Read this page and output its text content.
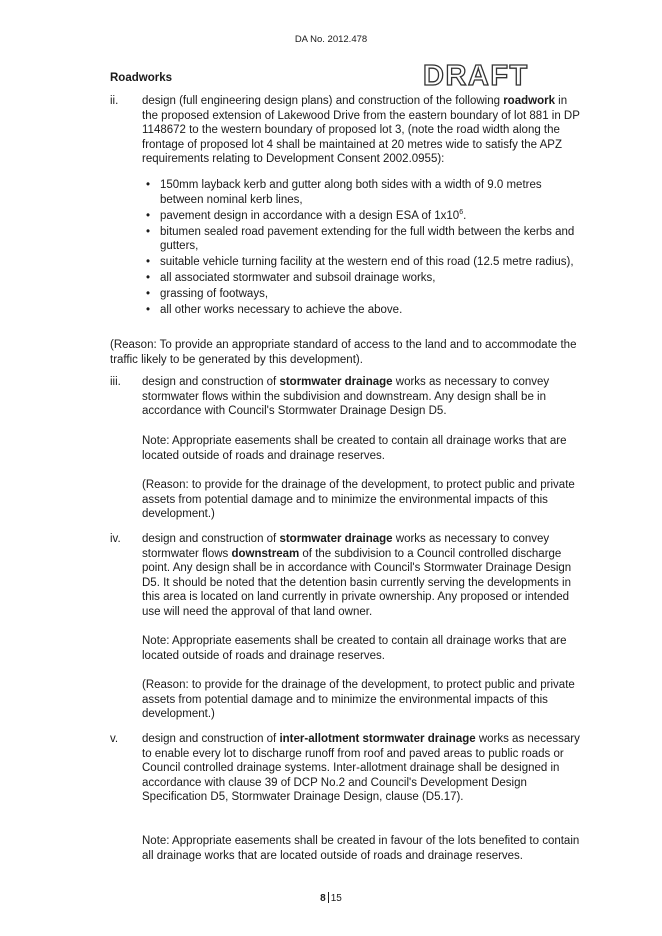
DA No. 2012.478
DRAFT
Roadworks
ii. design (full engineering design plans) and construction of the following roadwork in the proposed extension of Lakewood Drive from the eastern boundary of lot 881 in DP 1148672 to the western boundary of proposed lot 3, (note the road width along the frontage of proposed lot 4 shall be maintained at 20 metres wide to satisfy the APZ requirements relating to Development Consent 2002.0955):
• 150mm layback kerb and gutter along both sides with a width of 9.0 metres between nominal kerb lines,
• pavement design in accordance with a design ESA of $1x10^6$.
• bitumen sealed road pavement extending for the full width between the kerbs and gutters,
• suitable vehicle turning facility at the western end of this road (12.5 metre radius),
• all associated stormwater and subsoil drainage works,
• grassing of footways,
• all other works necessary to achieve the above.
(Reason: To provide an appropriate standard of access to the land and to accommodate the traffic likely to be generated by this development).
iii. design and construction of stormwater drainage works as necessary to convey stormwater flows within the subdivision and downstream. Any design shall be in accordance with Council's Stormwater Drainage Design D5.
Note: Appropriate easements shall be created to contain all drainage works that are located outside of roads and drainage reserves.
(Reason: to provide for the drainage of the development, to protect public and private assets from potential damage and to minimize the environmental impacts of this development.)
iv. design and construction of stormwater drainage works as necessary to convey stormwater flows downstream of the subdivision to a Council controlled discharge point. Any design shall be in accordance with Council's Stormwater Drainage Design D5. It should be noted that the detention basin currently serving the developments in this area is located on land currently in private ownership. Any proposed or intended use will need the approval of that land owner.
Note: Appropriate easements shall be created to contain all drainage works that are located outside of roads and drainage reserves.
(Reason: to provide for the drainage of the development, to protect public and private assets from potential damage and to minimize the environmental impacts of this development.)
v. design and construction of inter-allotment stormwater drainage works as necessary to enable every lot to discharge runoff from roof and paved areas to public roads or Council controlled drainage systems. Inter-allotment drainage shall be designed in accordance with clause 39 of DCP No.2 and Council's Development Design Specification D5, Stormwater Drainage Design, clause (D5.17).
Note: Appropriate easements shall be created in favour of the lots benefited to contain all drainage works that are located outside of roads and drainage reserves.
8 15
